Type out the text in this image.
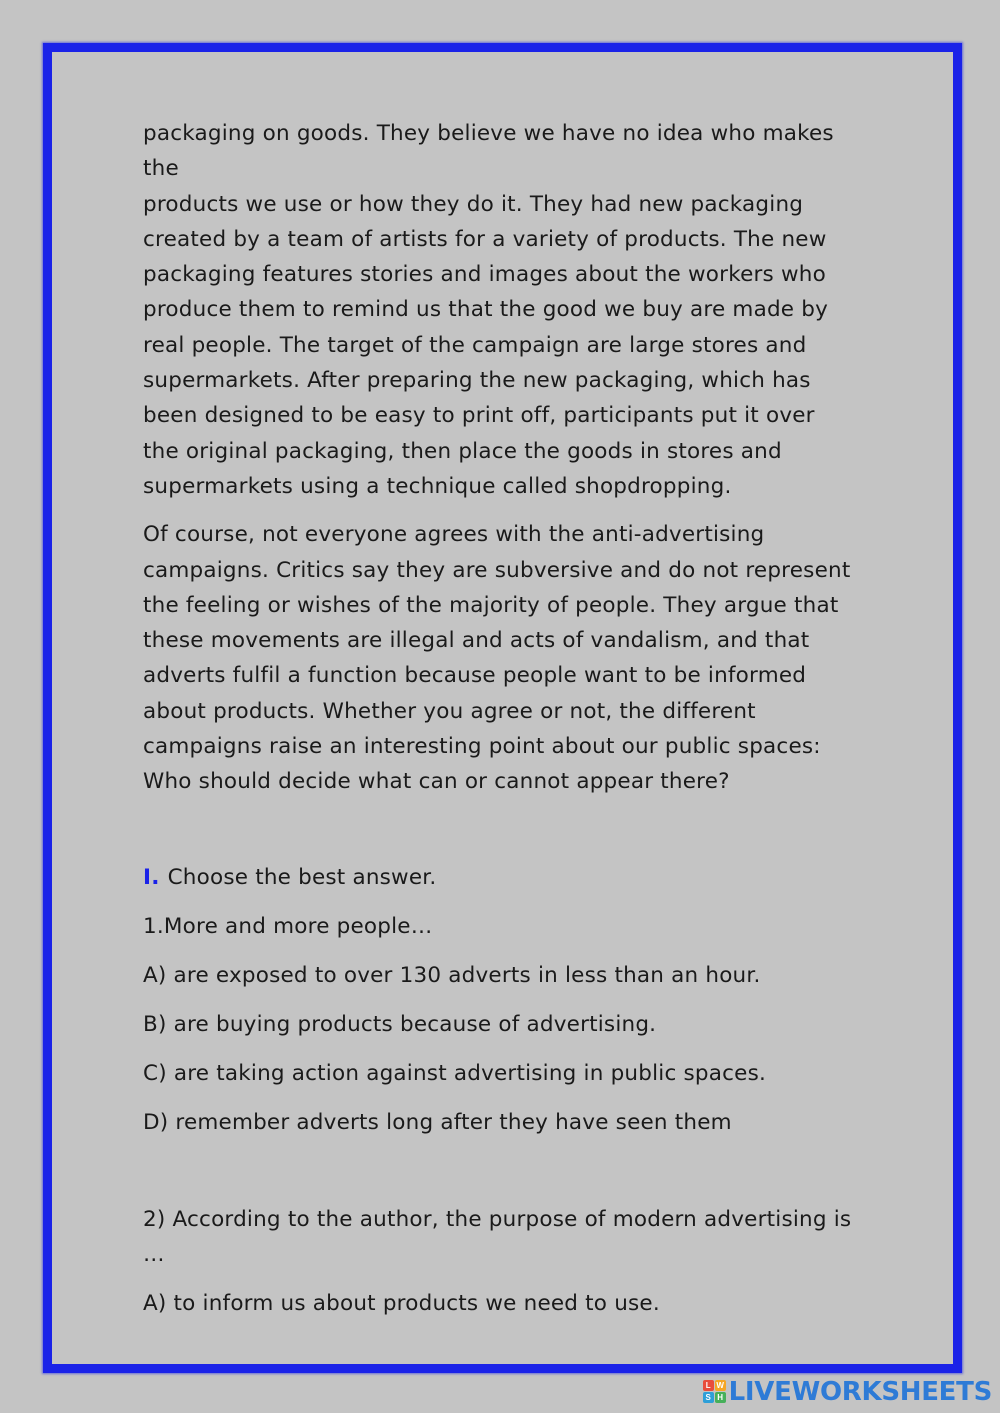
packaging on goods. They believe we have no idea who makes the
products we use or how they do it. They had new packaging
created by a team of artists for a variety of products. The new
packaging features stories and images about the workers who
produce them to remind us that the good we buy are made by
real people. The target of the campaign are large stores and
supermarkets. After preparing the new packaging, which has
been designed to be easy to print off, participants put it over
the original packaging, then place the goods in stores and
supermarkets using a technique called shopdropping.

Of course, not everyone agrees with the anti-advertising
campaigns. Critics say they are subversive and do not represent
the feeling or wishes of the majority of people. They argue that
these movements are illegal and acts of vandalism, and that
adverts fulfil a function because people want to be informed
about products. Whether you agree or not, the different
campaigns raise an interesting point about our public spaces:
Who should decide what can or cannot appear there?

I. Choose the best answer.
1.More and more people…
A) are exposed to over 130 adverts in less than an hour.
B) are buying products because of advertising.
C) are taking action against advertising in public spaces.
D) remember adverts long after they have seen them
2) According to the author, the purpose of modern advertising is
…
A) to inform us about products we need to use.
L W
S H LIVEWORKSHEETS
